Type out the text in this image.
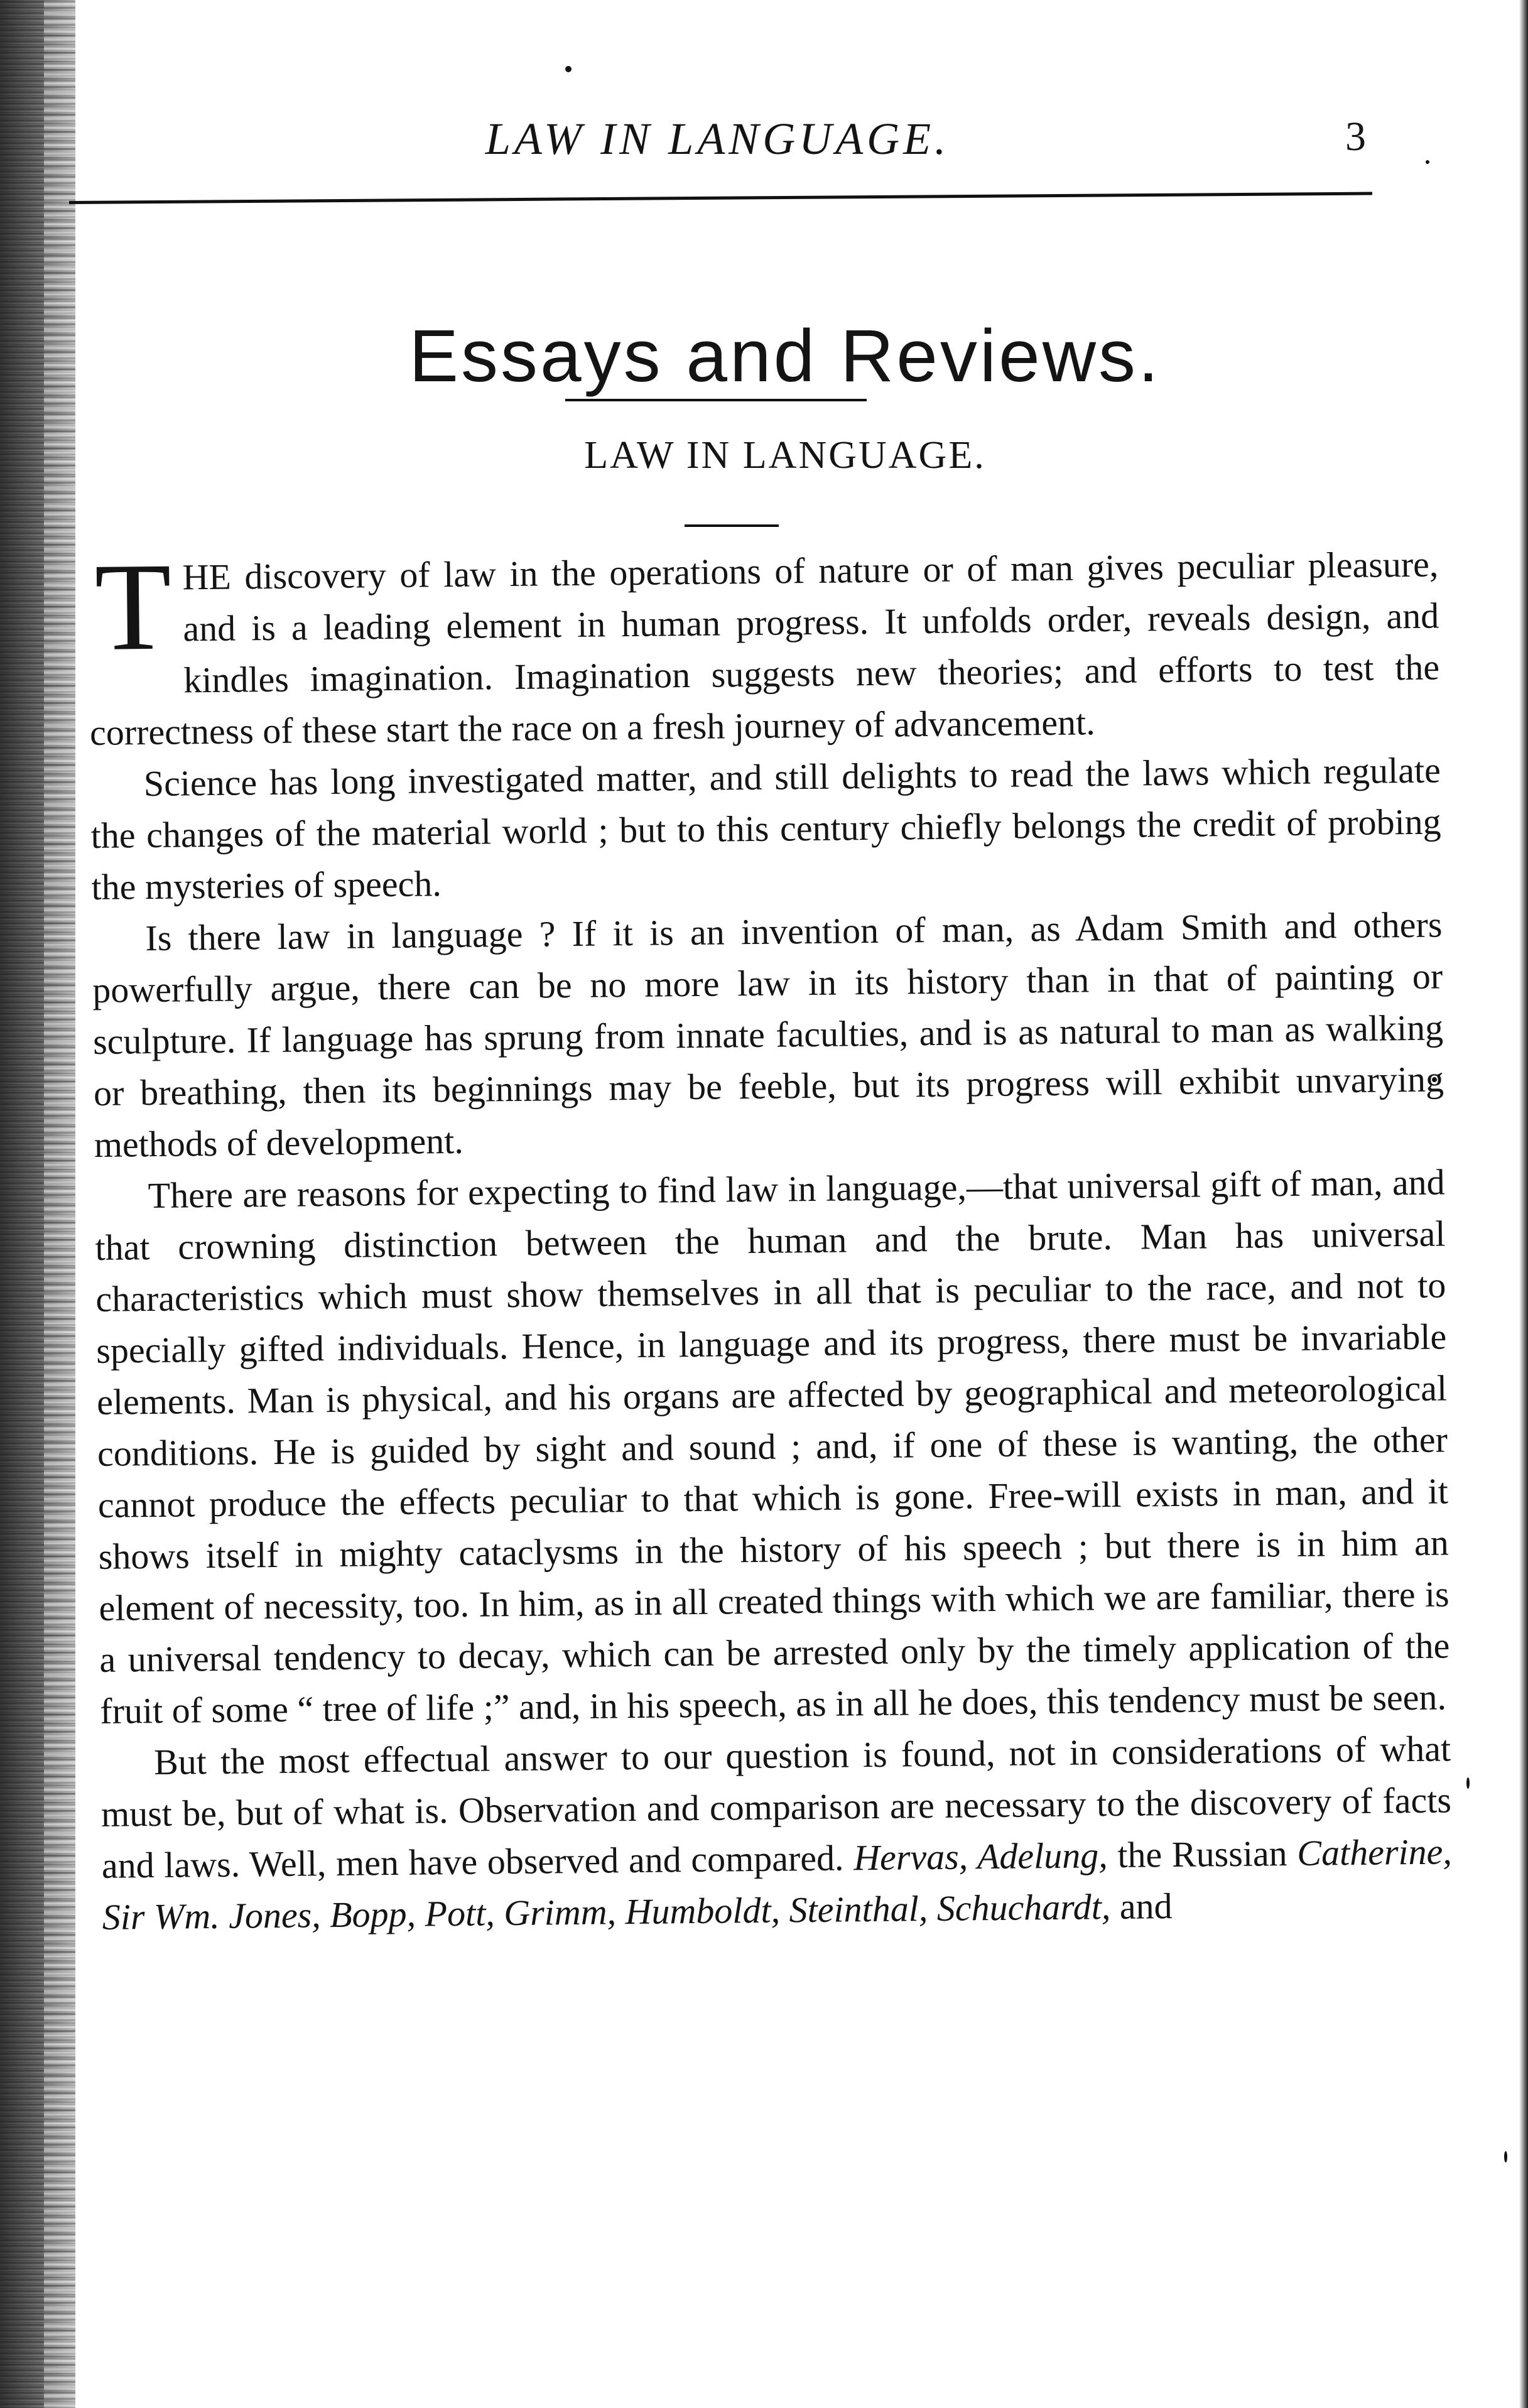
LAW IN LANGUAGE.	3
Essays and Reviews.
LAW IN LANGUAGE.

THE discovery of law in the operations of nature or of man gives peculiar pleasure, and is a leading element in human progress. It unfolds order, reveals design, and kindles imagination. Imagination suggests new theories; and efforts to test the correctness of these start the race on a fresh journey of advancement.

Science has long investigated matter, and still delights to read the laws which regulate the changes of the material world ; but to this century chiefly belongs the credit of probing the mysteries of speech.

Is there law in language ? If it is an invention of man, as Adam Smith and others powerfully argue, there can be no more law in its history than in that of painting or sculpture. If language has sprung from innate faculties, and is as natural to man as walking or breathing, then its beginnings may be feeble, but its progress will exhibit unvarying methods of development.

There are reasons for expecting to find law in language,—that universal gift of man, and that crowning distinction between the human and the brute. Man has universal characteristics which must show themselves in all that is peculiar to the race, and not to specially gifted individuals. Hence, in language and its progress, there must be invariable elements. Man is physical, and his organs are affected by geographical and meteorological conditions. He is guided by sight and sound ; and, if one of these is wanting, the other cannot produce the effects peculiar to that which is gone. Free-will exists in man, and it shows itself in mighty cataclysms in the history of his speech ; but there is in him an element of necessity, too. In him, as in all created things with which we are familiar, there is a universal tendency to decay, which can be arrested only by the timely application of the fruit of some “ tree of life ;” and, in his speech, as in all he does, this tendency must be seen.

But the most effectual answer to our question is found, not in considerations of what must be, but of what is. Observation and comparison are necessary to the discovery of facts and laws. Well, men have observed and compared. Hervas, Adelung, the Russian Catherine, Sir Wm. Jones, Bopp, Pott, Grimm, Humboldt, Steinthal, Schuchardt, and
